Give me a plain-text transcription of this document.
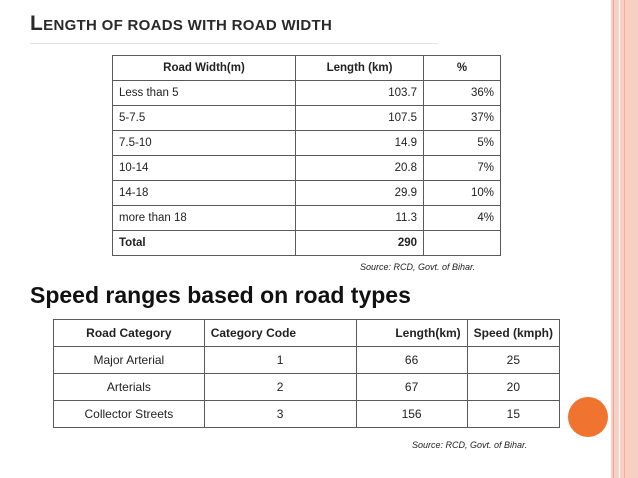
LENGTH OF ROADS WITH ROAD WIDTH
Road Width(m)	Length (km)	%
Less than 5	103.7	36%
5-7.5	107.5	37%
7.5-10	14.9	5%
10-14	20.8	7%
14-18	29.9	10%
more than 18	11.3	4%
Total	290	
Source: RCD, Govt. of Bihar.
Speed ranges based on road types
Road Category	Category Code	Length(km)	Speed (kmph)
Major Arterial	1	66	25
Arterials	2	67	20
Collector Streets	3	156	15
Source: RCD, Govt. of Bihar.
